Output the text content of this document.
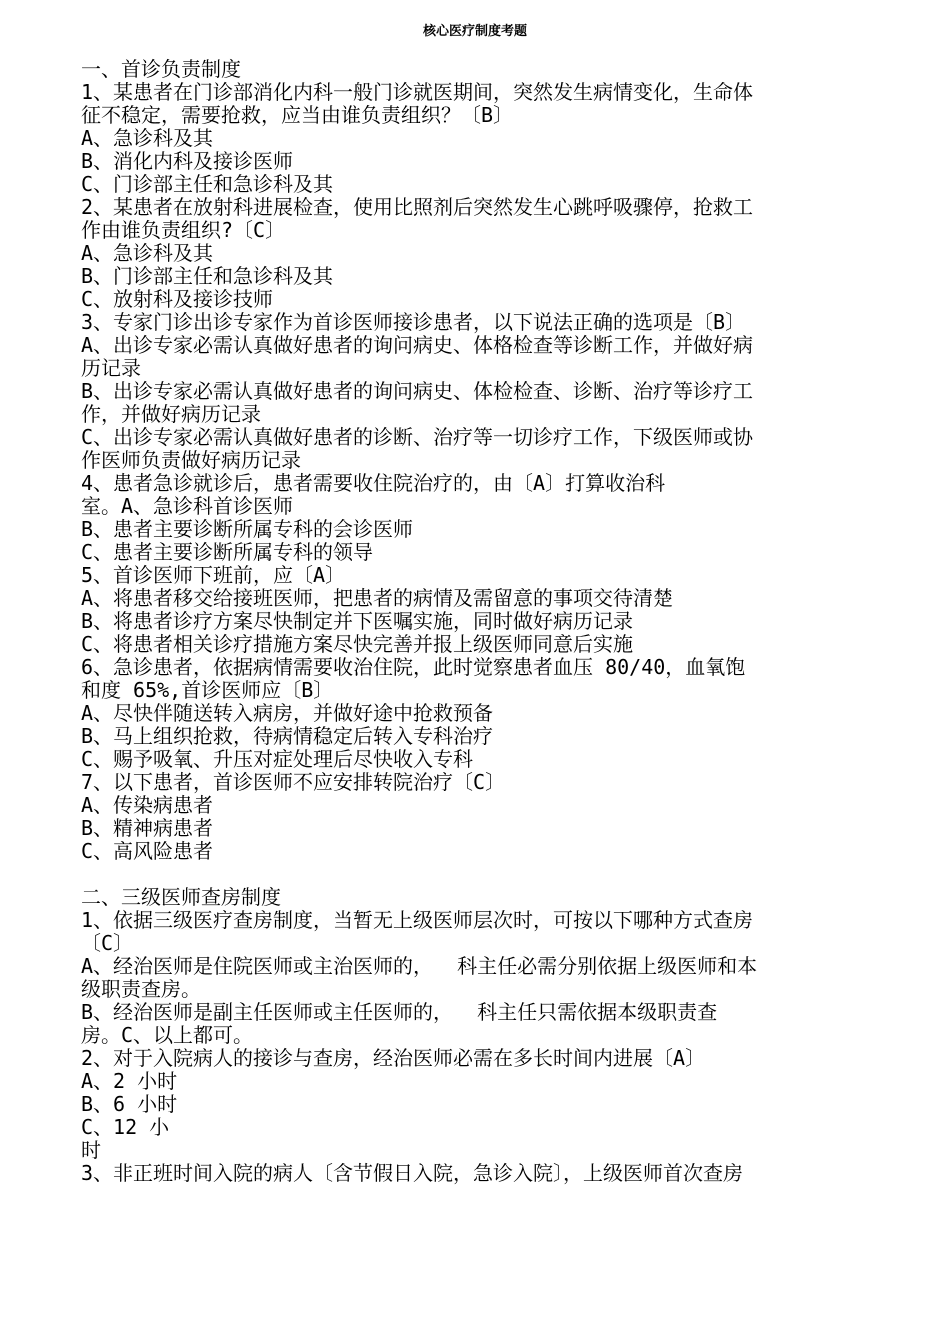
核心医疗制度考题
一、首诊负责制度
1、某患者在门诊部消化内科一般门诊就医期间，突然发生病情变化，生命体
征不稳定，需要抢救，应当由谁负责组织？〔B〕
A、急诊科及其
B、消化内科及接诊医师
C、门诊部主任和急诊科及其
2、某患者在放射科进展检查，使用比照剂后突然发生心跳呼吸骤停，抢救工
作由谁负责组织?〔C〕
A、急诊科及其
B、门诊部主任和急诊科及其
C、放射科及接诊技师
3、专家门诊出诊专家作为首诊医师接诊患者，以下说法正确的选项是〔B〕
A、出诊专家必需认真做好患者的询问病史、体格检查等诊断工作，并做好病
历记录
B、出诊专家必需认真做好患者的询问病史、体检检查、诊断、治疗等诊疗工
作，并做好病历记录
C、出诊专家必需认真做好患者的诊断、治疗等一切诊疗工作，下级医师或协
作医师负责做好病历记录
4、患者急诊就诊后，患者需要收住院治疗的，由〔A〕打算收治科
室。A、急诊科首诊医师
B、患者主要诊断所属专科的会诊医师
C、患者主要诊断所属专科的领导
5、首诊医师下班前，应〔A〕
A、将患者移交给接班医师，把患者的病情及需留意的事项交待清楚
B、将患者诊疗方案尽快制定并下医嘱实施，同时做好病历记录
C、将患者相关诊疗措施方案尽快完善并报上级医师同意后实施
6、急诊患者，依据病情需要收治住院，此时觉察患者血压 80/40，血氧饱
和度 65%,首诊医师应〔B〕
A、尽快伴随送转入病房，并做好途中抢救预备
B、马上组织抢救，待病情稳定后转入专科治疗
C、赐予吸氧、升压对症处理后尽快收入专科
7、以下患者，首诊医师不应安排转院治疗〔C〕
A、传染病患者
B、精神病患者
C、高风险患者
二、三级医师查房制度
1、依据三级医疗查房制度，当暂无上级医师层次时，可按以下哪种方式查房
〔C〕
A、经治医师是住院医师或主治医师的，  科主任必需分别依据上级医师和本
级职责查房。
B、经治医师是副主任医师或主任医师的，  科主任只需依据本级职责查
房。C、以上都可。
2、对于入院病人的接诊与查房，经治医师必需在多长时间内进展〔A〕
A、2 小时
B、6 小时
C、12 小
时
3、非正班时间入院的病人〔含节假日入院，急诊入院〕，上级医师首次查房
